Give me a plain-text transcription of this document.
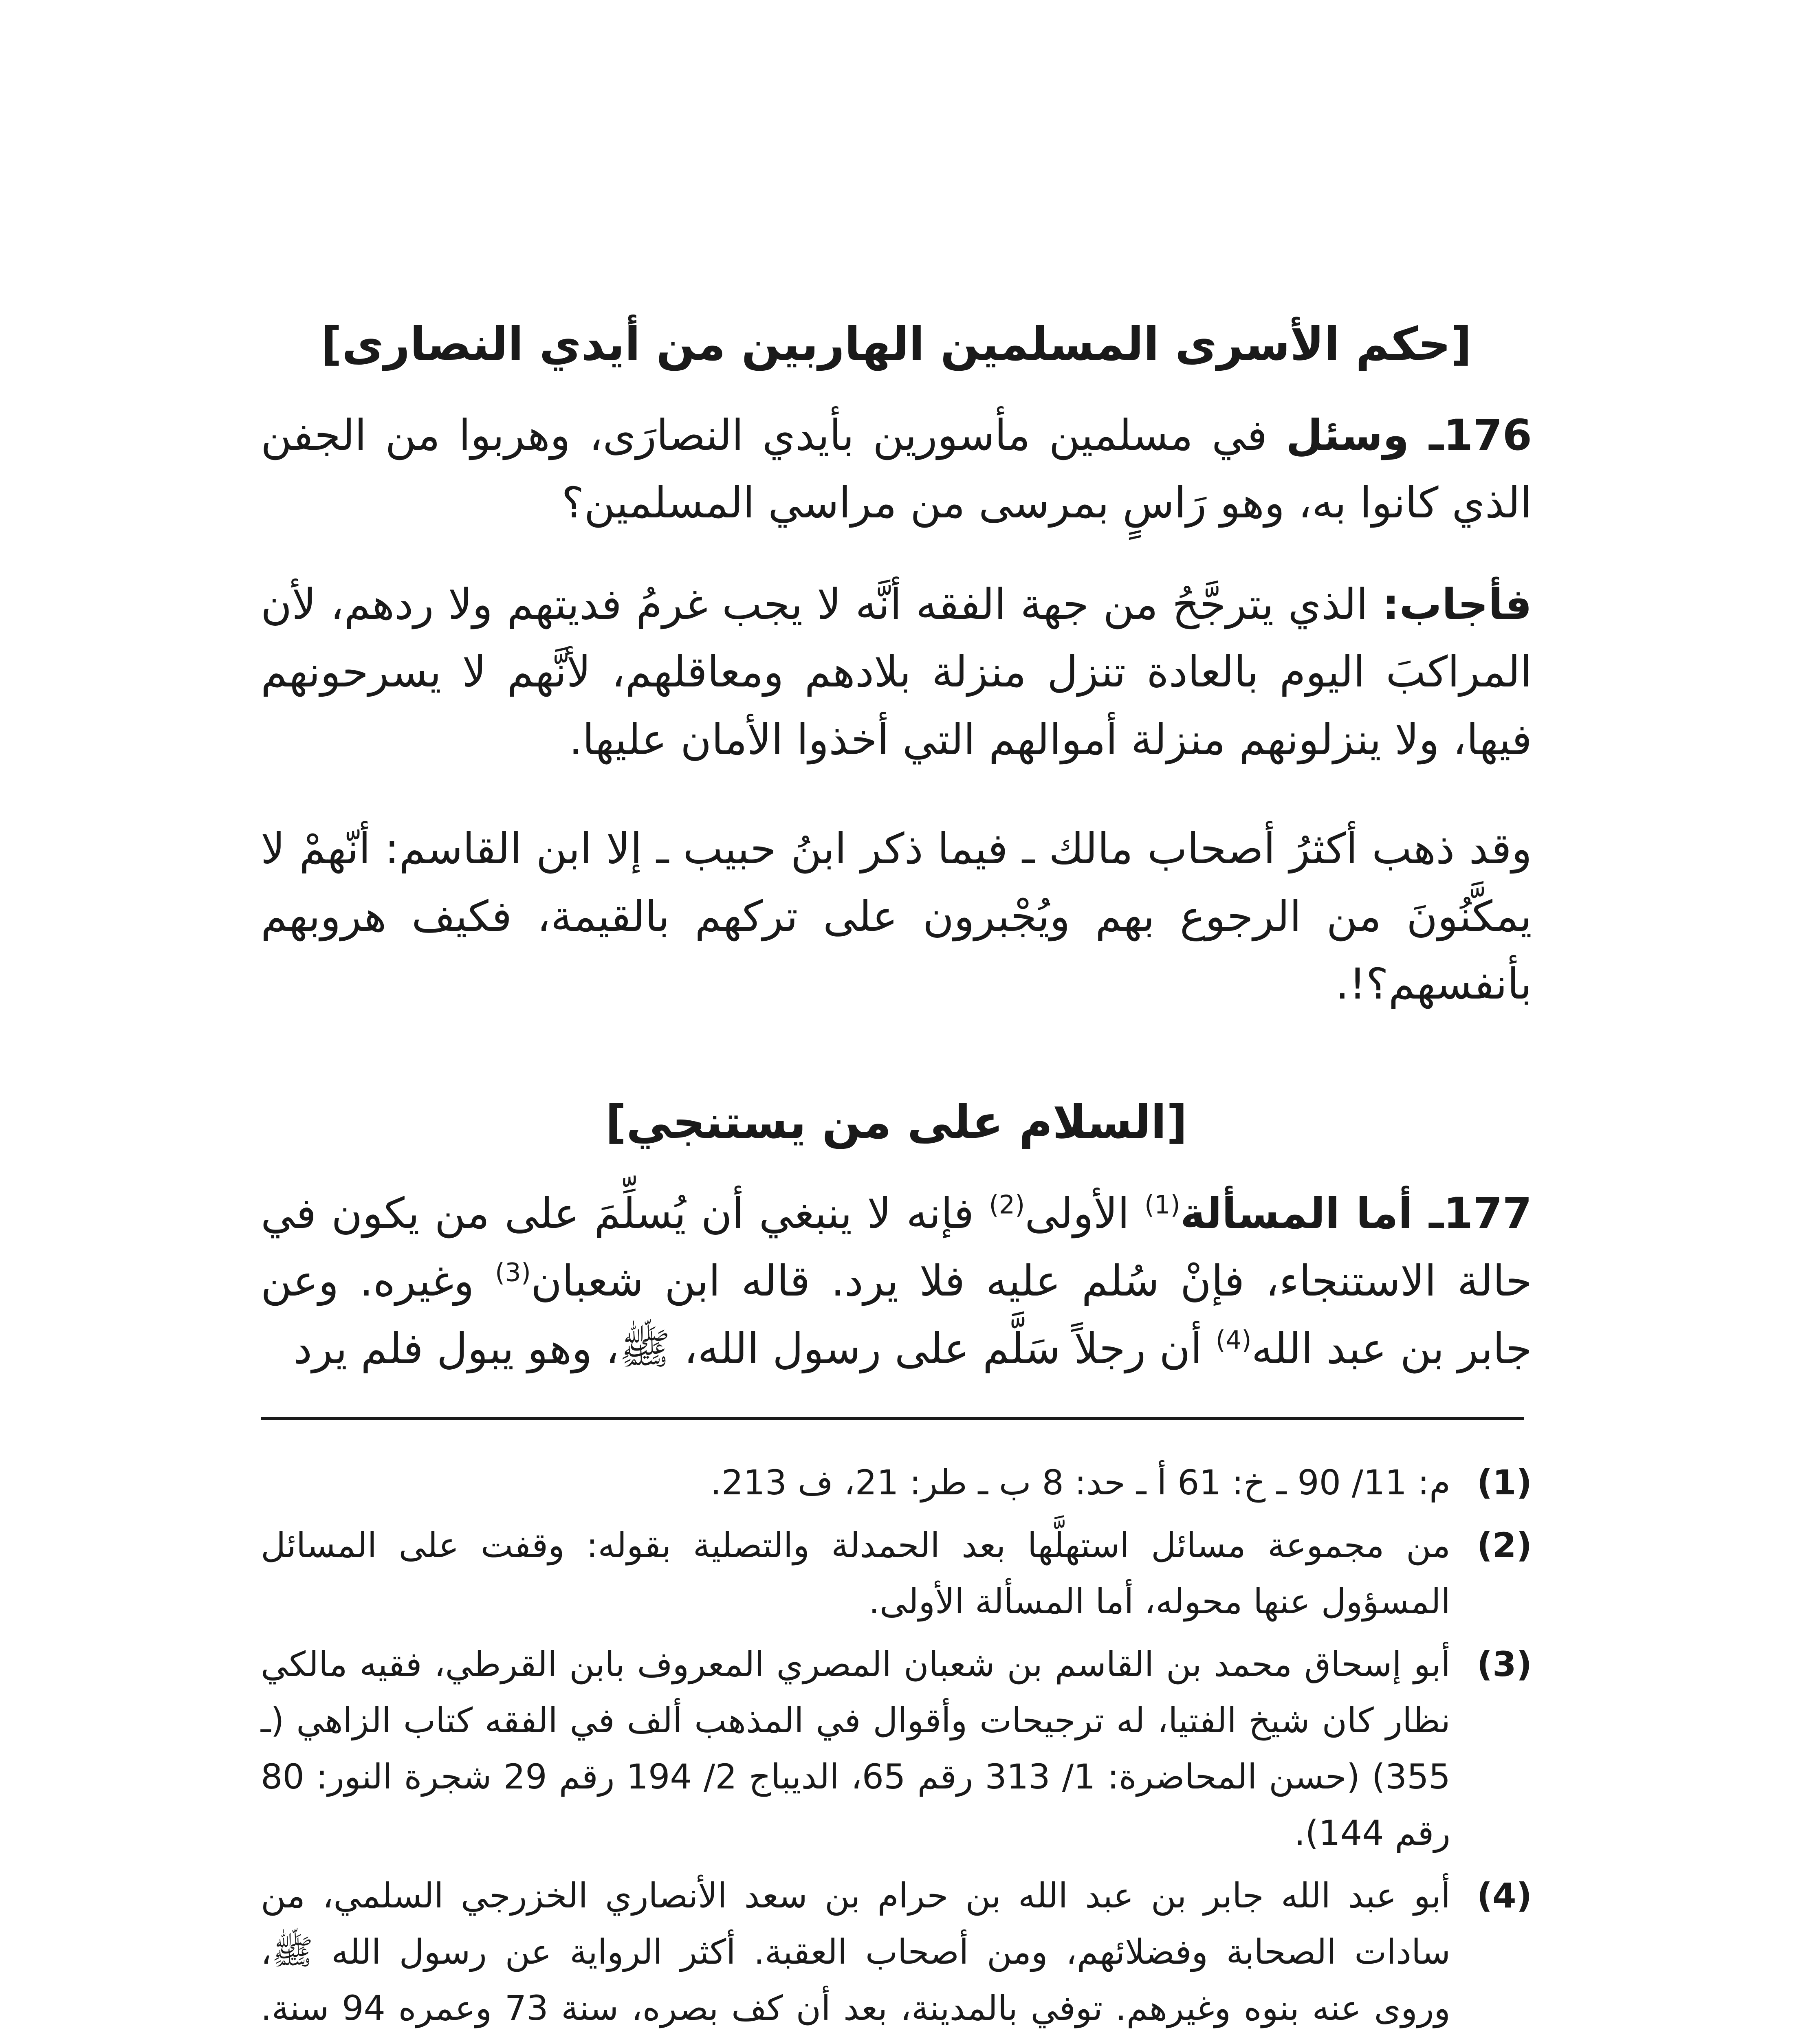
[حكم الأسرى المسلمين الهاربين من أيدي النصارى]

176ـ وسئل في مسلمين مأسورين بأيدي النصارَى، وهربوا من الجفن الذي كانوا به، وهو رَاسٍ بمرسى من مراسي المسلمين؟

فأجاب: الذي يترجَّحُ من جهة الفقه أنَّه لا يجب غرمُ فديتهم ولا ردهم، لأن المراكبَ اليوم بالعادة تنزل منزلة بلادهم ومعاقلهم، لأنَّهم لا يسرحونهم فيها، ولا ينزلونهم منزلة أموالهم التي أخذوا الأمان عليها.

وقد ذهب أكثرُ أصحاب مالك ـ فيما ذكر ابنُ حبيب ـ إلا ابن القاسم: أنّهمْ لا يمكَّنُونَ من الرجوع بهم ويُجْبرون على تركهم بالقيمة، فكيف هروبهم بأنفسهم؟!.

[السلام على من يستنجي]

177ـ أما المسألة$^{(1)}$ الأولى$^{(2)}$ فإنه لا ينبغي أن يُسلِّمَ على من يكون في حالة الاستنجاء، فإنْ سُلم عليه فلا يرد. قاله ابن شعبان$^{(3)}$ وغيره. وعن جابر بن عبد الله$^{(4)}$ أن رجلاً سَلَّم على رسول الله، ﷺ، وهو يبول فلم يرد

(1)
م: 11/ 90 ـ خ: 61 أ ـ حد: 8 ب ـ طر: 21، ف 213.
(2)
من مجموعة مسائل استهلَّها بعد الحمدلة والتصلية بقوله: وقفت على المسائل المسؤول عنها محوله، أما المسألة الأولى.
(3)
أبو إسحاق محمد بن القاسم بن شعبان المصري المعروف بابن القرطي، فقيه مالكي نظار كان شيخ الفتيا، له ترجيحات وأقوال في المذهب ألف في الفقه كتاب الزاهي (ـ 355) (حسن المحاضرة: 1/ 313 رقم 65، الديباج 2/ 194 رقم 29 شجرة النور: 80 رقم 144).
(4)
أبو عبد الله جابر بن عبد الله بن حرام بن سعد الأنصاري الخزرجي السلمي، من سادات الصحابة وفضلائهم، ومن أصحاب العقبة. أكثر الرواية عن رسول الله ﷺ، وروى عنه بنوه وغيرهم. توفي بالمدينة، بعد أن كف بصره، سنة 73 وعمره 94 سنة.
